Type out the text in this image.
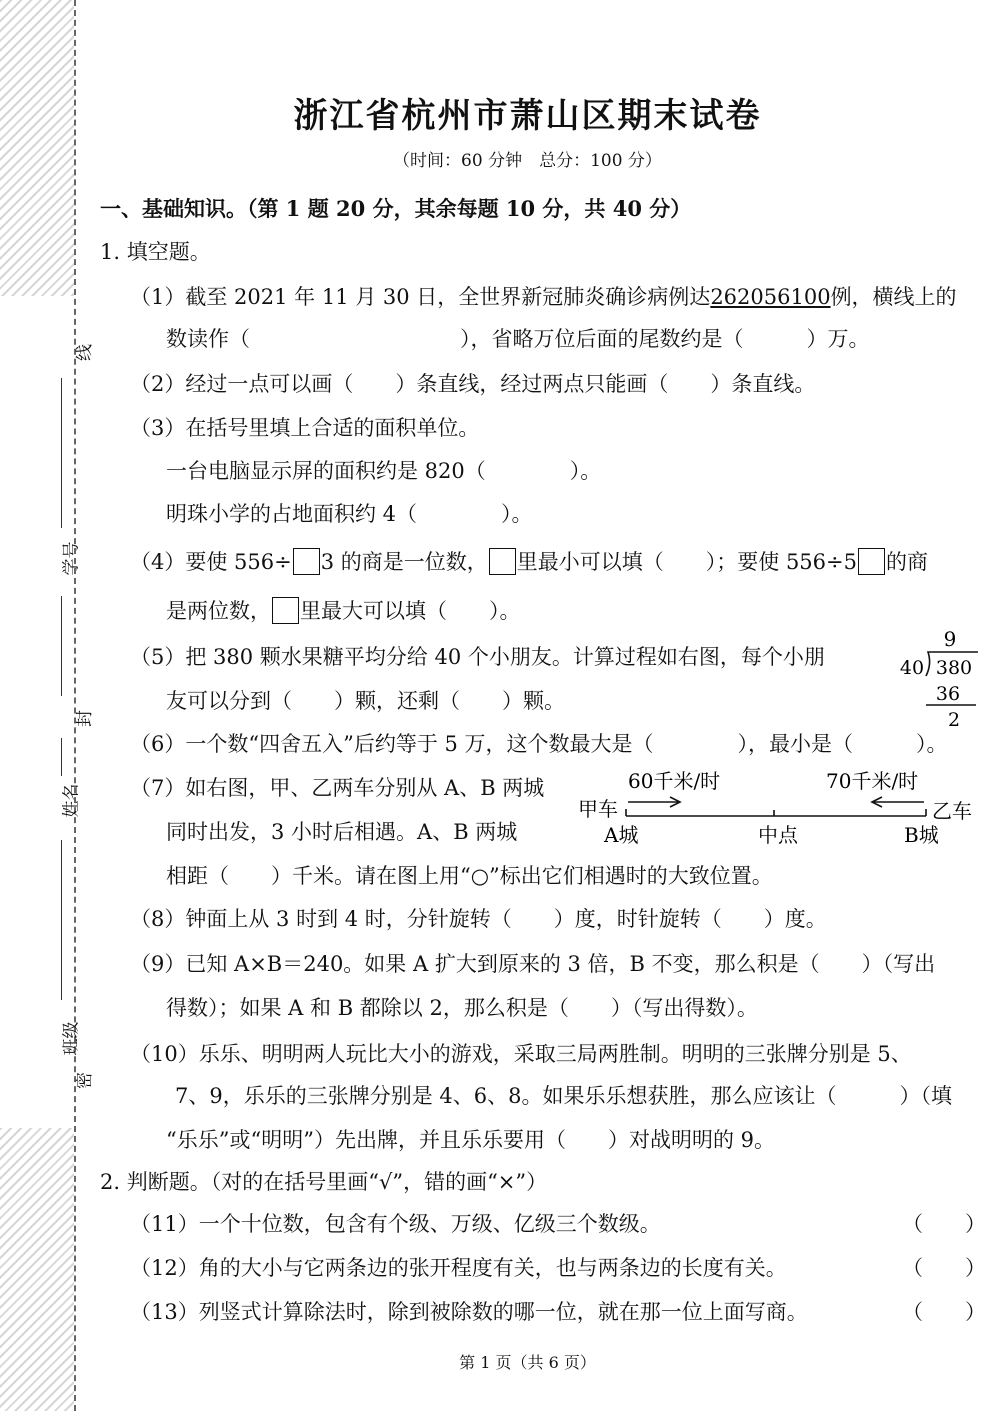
线
学号
封
姓名
班级
密
浙江省杭州市萧山区期末试卷
（时间：60 分钟　总分：100 分）
一、基础知识。（第 1 题 20 分，其余每题 10 分，共 40 分）
1. 填空题。
（1）截至 2021 年 11 月 30 日，全世界新冠肺炎确诊病例达262056100例，横线上的
数读作（　　　　　　　　　　），省略万位后面的尾数约是（　　　）万。
（2）经过一点可以画（　　）条直线，经过两点只能画（　　）条直线。
（3）在括号里填上合适的面积单位。
一台电脑显示屏的面积约是 820（　　　　）。
明珠小学的占地面积约 4（　　　　）。
（4）要使 556÷ 3 的商是一位数， 里最小可以填（　　）；要使 556÷5 的商
是两位数， 里最大可以填（　　）。
（5）把 380 颗水果糖平均分给 40 个小朋友。计算过程如右图，每个小朋
友可以分到（　　）颗，还剩（　　）颗。
9
40 380
36
2
（6）一个数“四舍五入”后约等于 5 万，这个数最大是（　　　　），最小是（　　　）。
（7）如右图，甲、乙两车分别从 A、B 两城
同时出发，3 小时后相遇。A、B 两城
相距（　　）千米。请在图上用“○”标出它们相遇时的大致位置。
60千米/时	70千米/时
甲车	乙车
A城	中点	B城
（8）钟面上从 3 时到 4 时，分针旋转（　　）度，时针旋转（　　）度。
（9）已知 A×B＝240。如果 A 扩大到原来的 3 倍，B 不变，那么积是（　　）（写出
得数）；如果 A 和 B 都除以 2，那么积是（　　）（写出得数）。
（10）乐乐、明明两人玩比大小的游戏，采取三局两胜制。明明的三张牌分别是 5、
7、9，乐乐的三张牌分别是 4、6、8。如果乐乐想获胜，那么应该让（　　　）（填
“乐乐”或“明明”）先出牌，并且乐乐要用（　　）对战明明的 9。
2. 判断题。（对的在括号里画“√”，错的画“×”）
（11）一个十位数，包含有个级、万级、亿级三个数级。	（　　）
（12）角的大小与它两条边的张开程度有关，也与两条边的长度有关。	（　　）
（13）列竖式计算除法时，除到被除数的哪一位，就在那一位上面写商。	（　　）
第 1 页（共 6 页）
